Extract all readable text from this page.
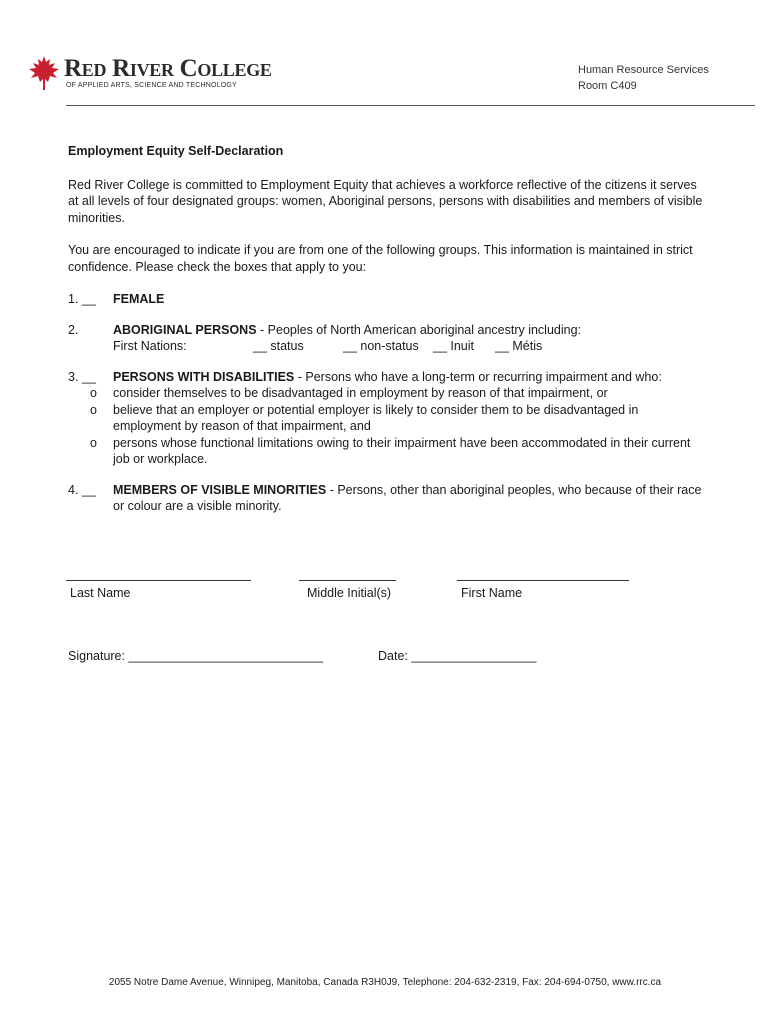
Red River College
OF APPLIED ARTS, SCIENCE AND TECHNOLOGY
Human Resource Services
Room C409
Employment Equity Self-Declaration

Red River College is committed to Employment Equity that achieves a workforce reflective of the citizens it serves at all levels of four designated groups: women, Aboriginal persons, persons with disabilities and members of visible minorities.

You are encouraged to indicate if you are from one of the following groups. This information is maintained in strict confidence. Please check the boxes that apply to you:

1. __ FEMALE
2.	ABORIGINAL PERSONS - Peoples of North American aboriginal ancestry including:
First Nations:	__ status	__ non-status	__ Inuit	__ Métis
3. __ PERSONS WITH DISABILITIES - Persons who have a long-term or recurring impairment and who:
o consider themselves to be disadvantaged in employment by reason of that impairment, or
o believe that an employer or potential employer is likely to consider them to be disadvantaged in employment by reason of that impairment, and
o persons whose functional limitations owing to their impairment have been accommodated in their current job or workplace.
4. __ MEMBERS OF VISIBLE MINORITIES - Persons, other than aboriginal peoples, who because of their race or colour are a visible minority.
Last Name	Middle Initial(s)	First Name
Signature: ____________________________	Date: __________________
2055 Notre Dame Avenue, Winnipeg, Manitoba, Canada R3H0J9, Telephone: 204-632-2319, Fax: 204-694-0750, www.rrc.ca
